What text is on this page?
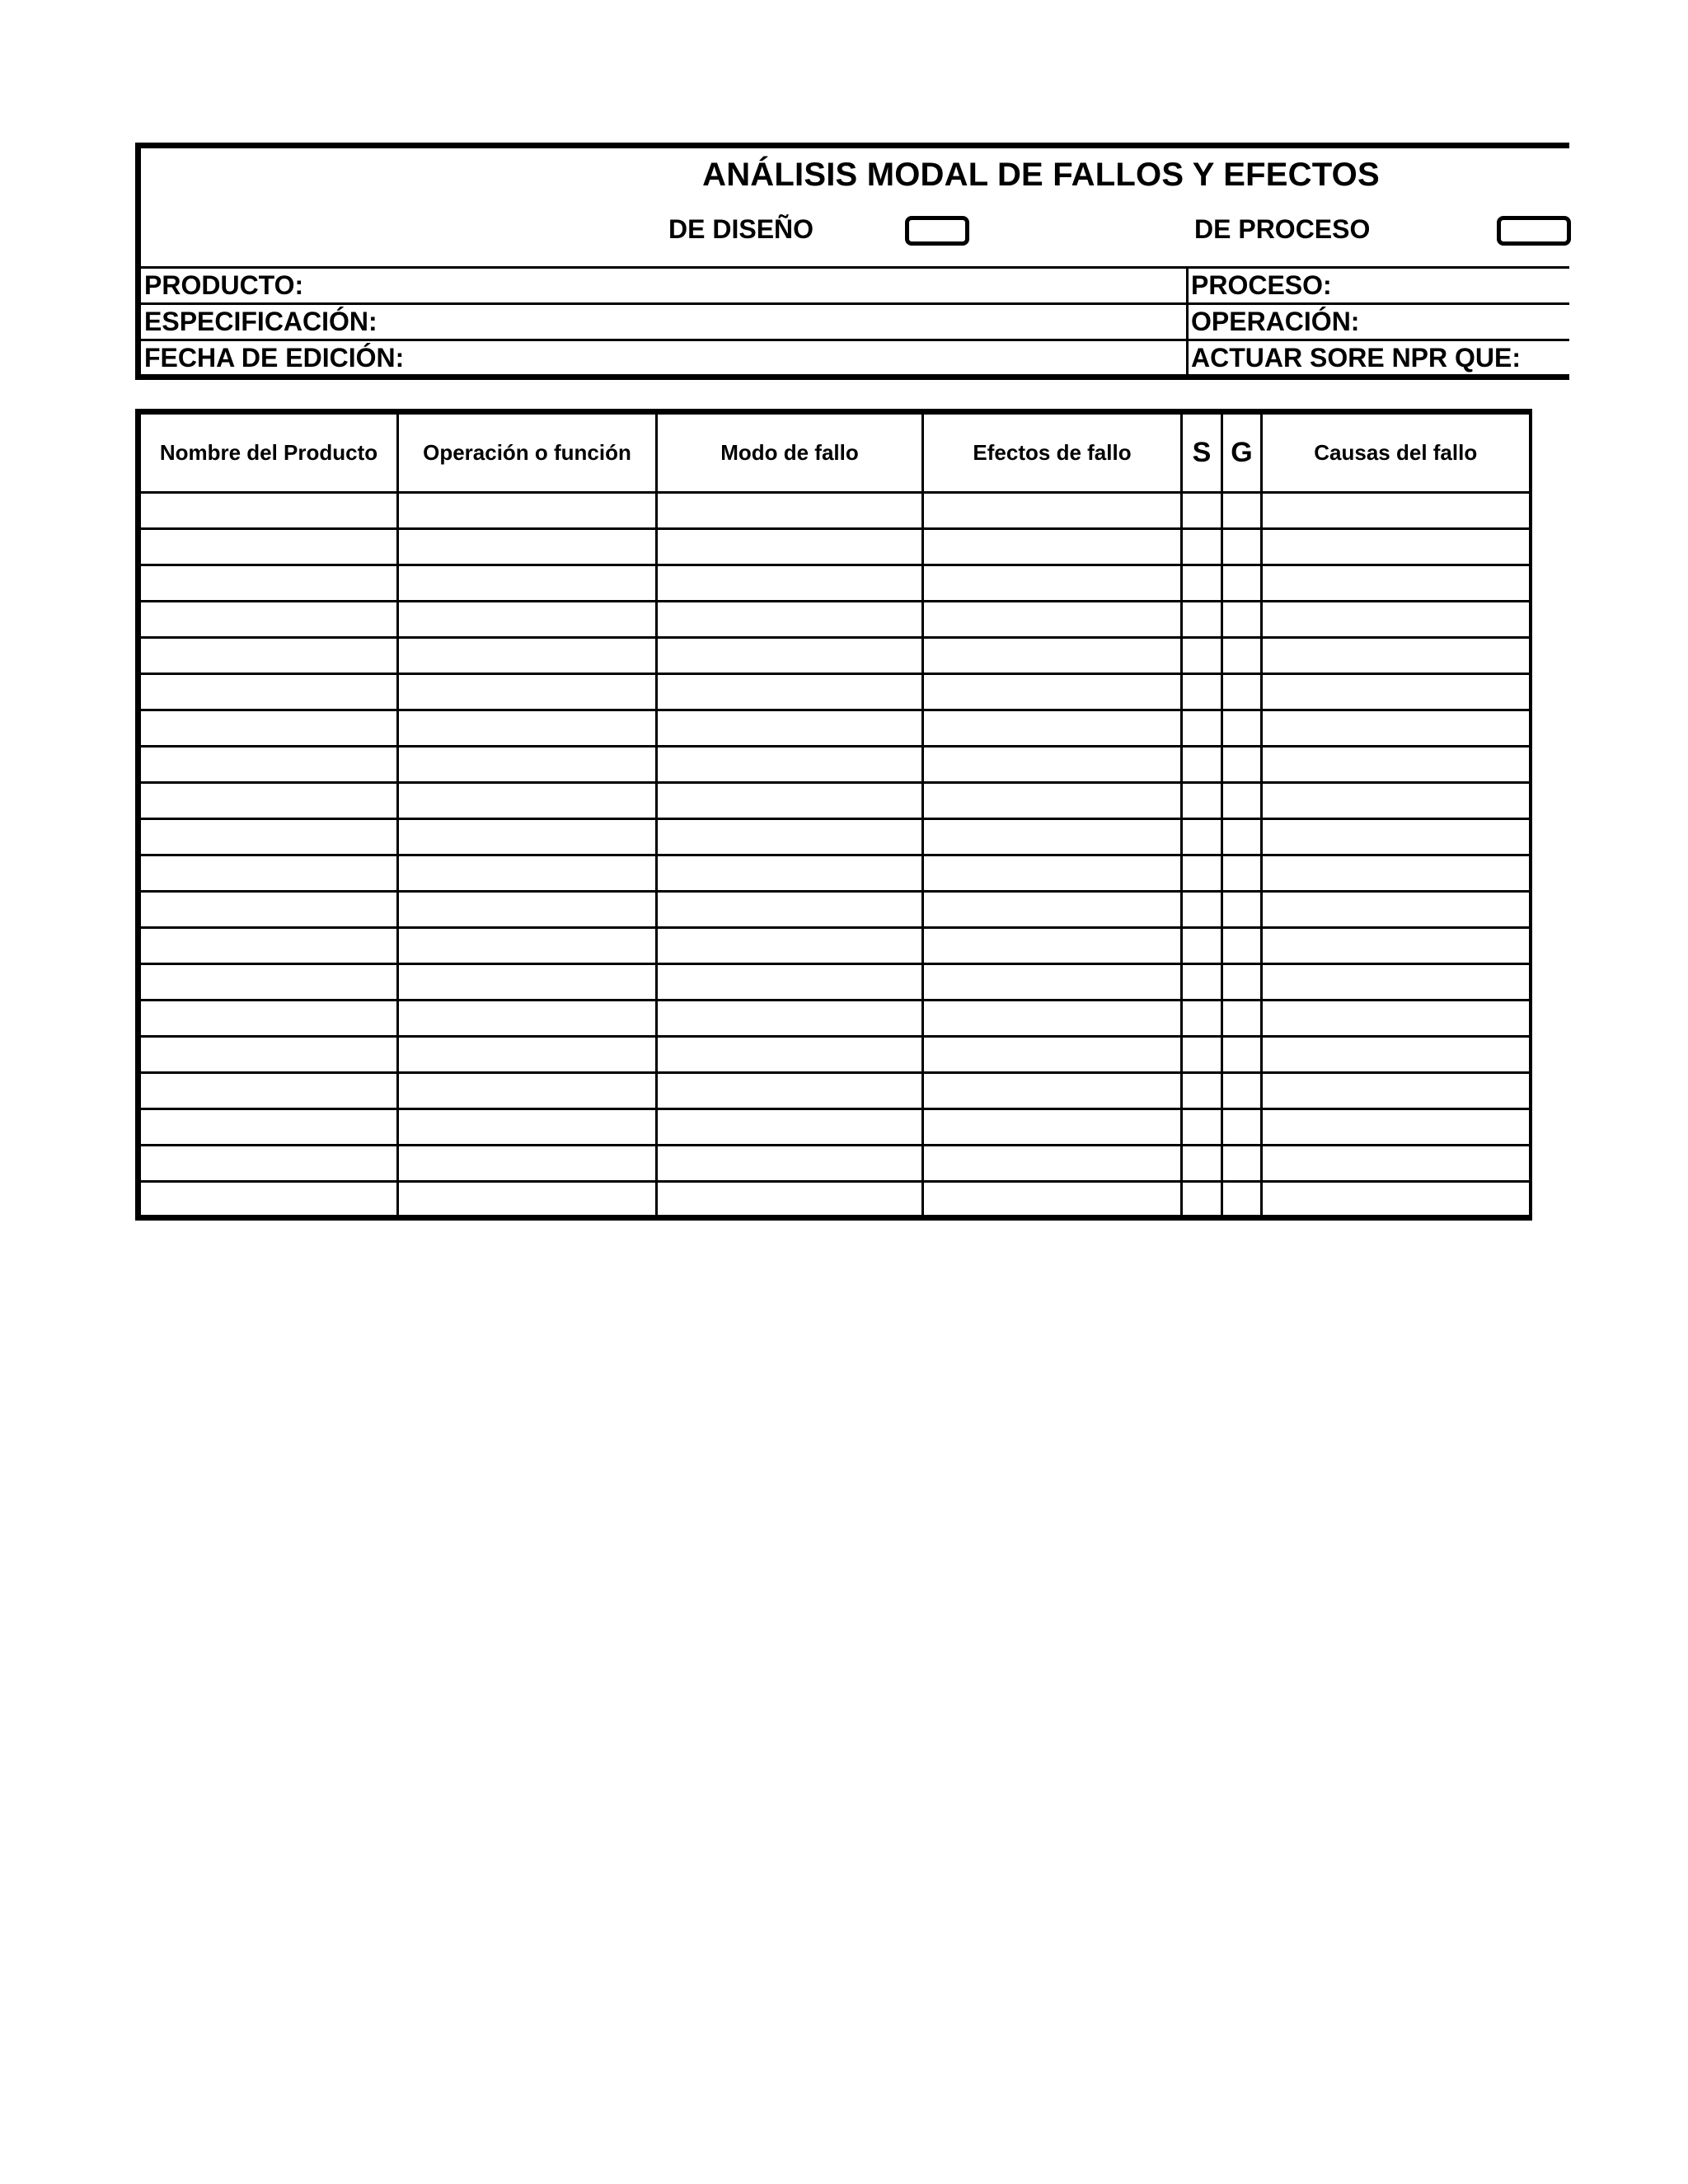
ANÁLISIS MODAL DE FALLOS Y EFECTOS
DE DISEÑO	DE PROCESO
PRODUCTO:	PROCESO:
ESPECIFICACIÓN:	OPERACIÓN:
FECHA DE EDICIÓN:	ACTUAR SORE NPR QUE:
Nombre del Producto	Operación o función	Modo de fallo	Efectos de fallo	S	G	Causas del fallo
